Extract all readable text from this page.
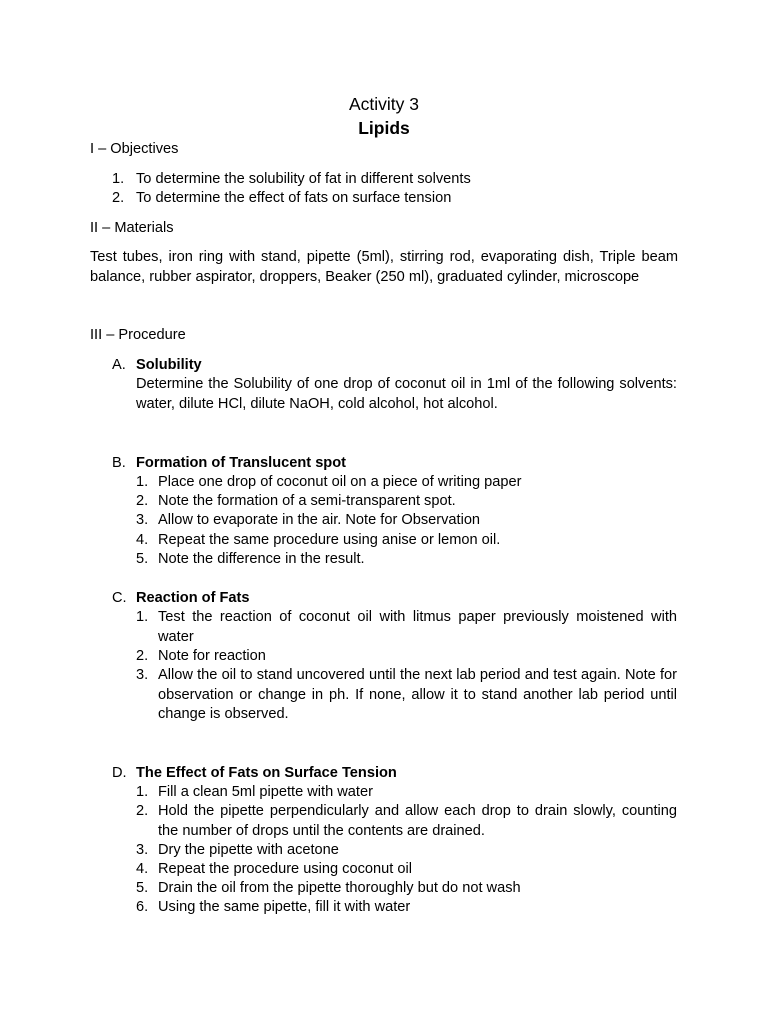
Activity 3
Lipids
I – Objectives
1. To determine the solubility of fat in different solvents
2. To determine the effect of fats on surface tension
II – Materials
Test tubes, iron ring with stand, pipette (5ml), stirring rod, evaporating dish, Triple beam balance, rubber aspirator, droppers, Beaker (250 ml), graduated cylinder, microscope
III – Procedure
A. Solubility
Determine the Solubility of one drop of coconut oil in 1ml of the following solvents: water, dilute HCl, dilute NaOH, cold alcohol, hot alcohol.
B. Formation of Translucent spot
1. Place one drop of coconut oil on a piece of writing paper
2. Note the formation of a semi-transparent spot.
3. Allow to evaporate in the air. Note for Observation
4. Repeat the same procedure using anise or lemon oil.
5. Note the difference in the result.
C. Reaction of Fats
1. Test the reaction of coconut oil with litmus paper previously moistened with water
2. Note for reaction
3. Allow the oil to stand uncovered until the next lab period and test again. Note for observation or change in ph. If none, allow it to stand another lab period until change is observed.
D. The Effect of Fats on Surface Tension
1. Fill a clean 5ml pipette with water
2. Hold the pipette perpendicularly and allow each drop to drain slowly, counting the number of drops until the contents are drained.
3. Dry the pipette with acetone
4. Repeat the procedure using coconut oil
5. Drain the oil from the pipette thoroughly but do not wash
6. Using the same pipette, fill it with water
